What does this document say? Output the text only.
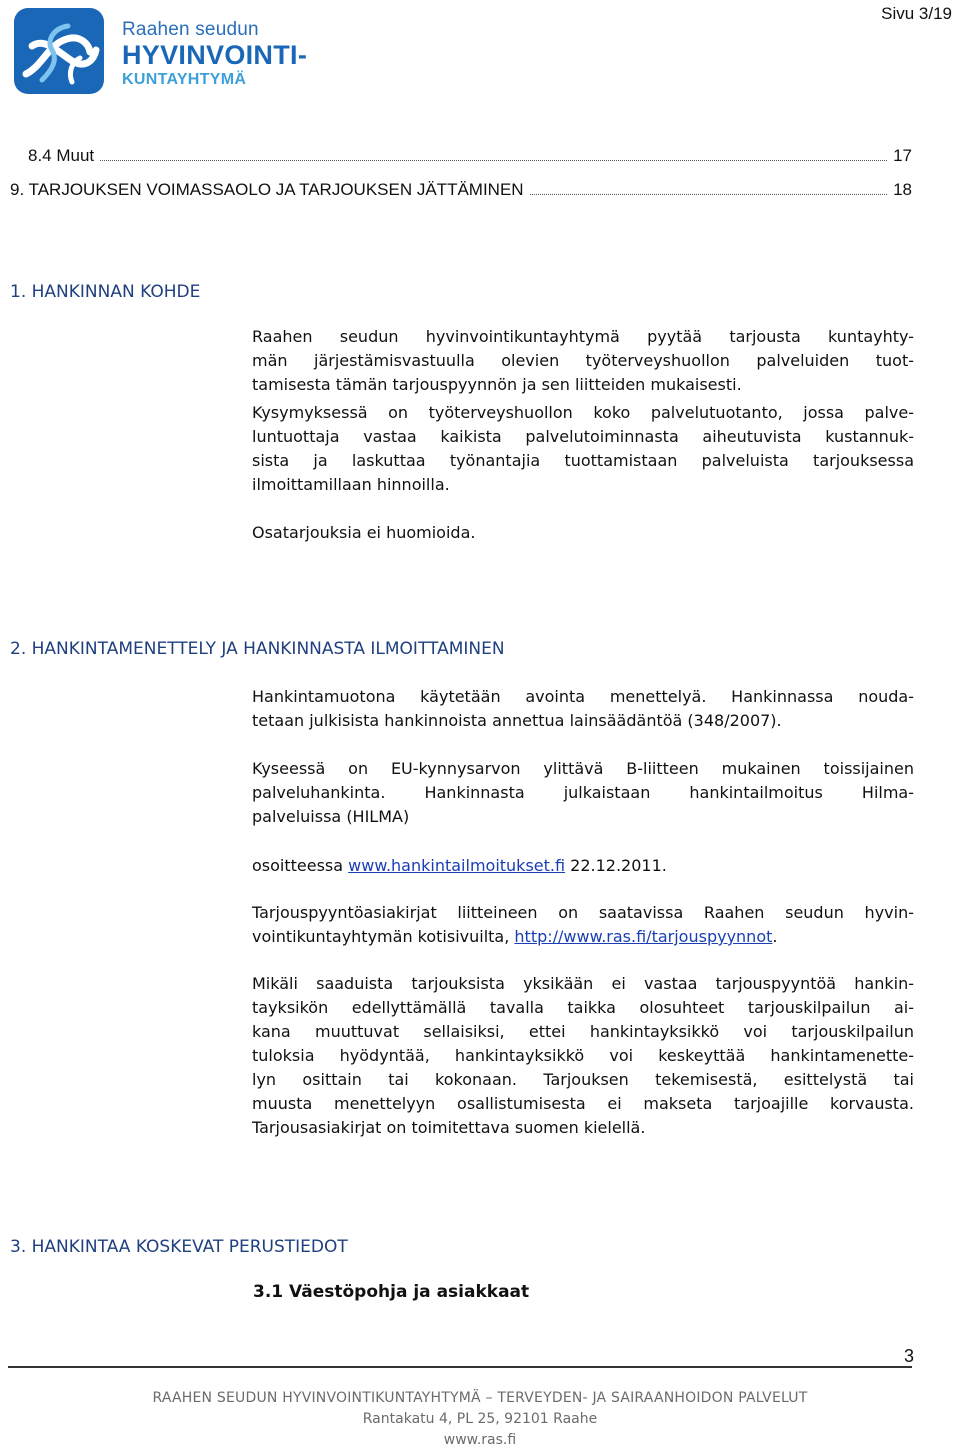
Raahen seudun
HYVINVOINTI-
KUNTAYHTYMÄ
Sivu 3/19
8.4 Muut	17
9. TARJOUKSEN VOIMASSAOLO JA TARJOUKSEN JÄTTÄMINEN	18
1. HANKINNAN KOHDE
Raahen seudun hyvinvointikuntayhtymä pyytää tarjousta kuntayhty-
män järjestämisvastuulla olevien työterveyshuollon palveluiden tuot-
tamisesta tämän tarjouspyynnön ja sen liitteiden mukaisesti.
Kysymyksessä on työterveyshuollon koko palvelutuotanto, jossa palve-
luntuottaja vastaa kaikista palvelutoiminnasta aiheutuvista kustannuk-
sista ja laskuttaa työnantajia tuottamistaan palveluista tarjouksessa
ilmoittamillaan hinnoilla.
Osatarjouksia ei huomioida.
2. HANKINTAMENETTELY JA HANKINNASTA ILMOITTAMINEN
Hankintamuotona käytetään avointa menettelyä. Hankinnassa nouda-
tetaan julkisista hankinnoista annettua lainsäädäntöä (348/2007).
Kyseessä on EU-kynnysarvon ylittävä B-liitteen mukainen toissijainen
palveluhankinta. Hankinnasta julkaistaan hankintailmoitus Hilma-
palveluissa (HILMA)
osoitteessa www.hankintailmoitukset.fi 22.12.2011.
Tarjouspyyntöasiakirjat liitteineen on saatavissa Raahen seudun hyvin-
vointikuntayhtymän kotisivuilta, http://www.ras.fi/tarjouspyynnot.
Mikäli saaduista tarjouksista yksikään ei vastaa tarjouspyyntöä hankin-
tayksikön edellyttämällä tavalla taikka olosuhteet tarjouskilpailun ai-
kana muuttuvat sellaisiksi, ettei hankintayksikkö voi tarjouskilpailun
tuloksia hyödyntää, hankintayksikkö voi keskeyttää hankintamenette-
lyn osittain tai kokonaan. Tarjouksen tekemisestä, esittelystä tai
muusta menettelyyn osallistumisesta ei makseta tarjoajille korvausta.
Tarjousasiakirjat on toimitettava suomen kielellä.
3. HANKINTAA KOSKEVAT PERUSTIEDOT
3.1 Väestöpohja ja asiakkaat
3
RAAHEN SEUDUN HYVINVOINTIKUNTAYHTYMÄ – TERVEYDEN- JA SAIRAANHOIDON PALVELUT
Rantakatu 4, PL 25, 92101 Raahe
www.ras.fi
